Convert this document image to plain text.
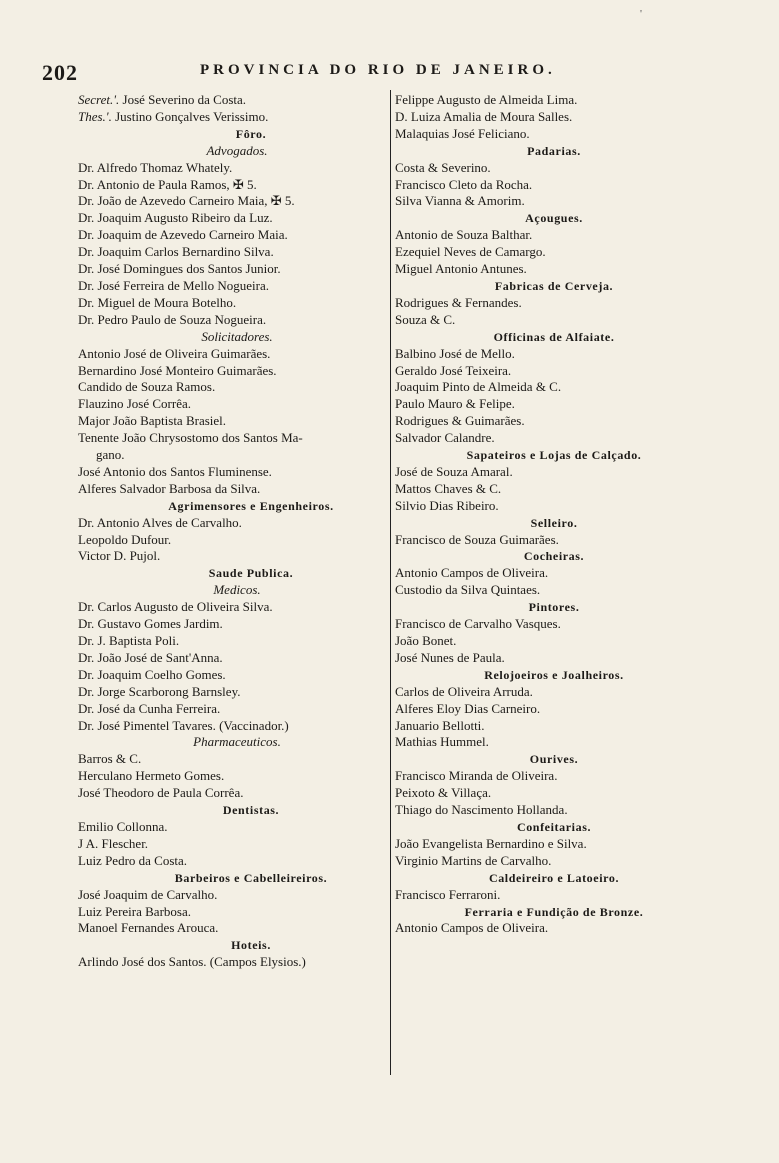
'
202	PROVINCIA DO RIO DE JANEIRO.
Secret.'. José Severino da Costa.
Thes.'. Justino Gonçalves Verissimo.
Fôro.
Advogados.
Dr. Alfredo Thomaz Whately.
Dr. Antonio de Paula Ramos, ✠ 5.
Dr. João de Azevedo Carneiro Maia, ✠ 5.
Dr. Joaquim Augusto Ribeiro da Luz.
Dr. Joaquim de Azevedo Carneiro Maia.
Dr. Joaquim Carlos Bernardino Silva.
Dr. José Domingues dos Santos Junior.
Dr. José Ferreira de Mello Nogueira.
Dr. Miguel de Moura Botelho.
Dr. Pedro Paulo de Souza Nogueira.
Solicitadores.
Antonio José de Oliveira Guimarães.
Bernardino José Monteiro Guimarães.
Candido de Souza Ramos.
Flauzino José Corrêa.
Major João Baptista Brasiel.
Tenente João Chrysostomo dos Santos Ma-
gano.
José Antonio dos Santos Fluminense.
Alferes Salvador Barbosa da Silva.
Agrimensores e Engenheiros.
Dr. Antonio Alves de Carvalho.
Leopoldo Dufour.
Victor D. Pujol.
Saude Publica.
Medicos.
Dr. Carlos Augusto de Oliveira Silva.
Dr. Gustavo Gomes Jardim.
Dr. J. Baptista Poli.
Dr. João José de Sant'Anna.
Dr. Joaquim Coelho Gomes.
Dr. Jorge Scarborong Barnsley.
Dr. José da Cunha Ferreira.
Dr. José Pimentel Tavares. (Vaccinador.)
Pharmaceuticos.
Barros & C.
Herculano Hermeto Gomes.
José Theodoro de Paula Corrêa.
Dentistas.
Emilio Collonna.
J A. Flescher.
Luiz Pedro da Costa.
Barbeiros e Cabelleireiros.
José Joaquim de Carvalho.
Luiz Pereira Barbosa.
Manoel Fernandes Arouca.
Hoteis.
Arlindo José dos Santos. (Campos Elysios.)
Felippe Augusto de Almeida Lima.
D. Luiza Amalia de Moura Salles.
Malaquias José Feliciano.
Padarias.
Costa & Severino.
Francisco Cleto da Rocha.
Silva Vianna & Amorim.
Açougues.
Antonio de Souza Balthar.
Ezequiel Neves de Camargo.
Miguel Antonio Antunes.
Fabricas de Cerveja.
Rodrigues & Fernandes.
Souza & C.
Officinas de Alfaiate.
Balbino José de Mello.
Geraldo José Teixeira.
Joaquim Pinto de Almeida & C.
Paulo Mauro & Felipe.
Rodrigues & Guimarães.
Salvador Calandre.
Sapateiros e Lojas de Calçado.
José de Souza Amaral.
Mattos Chaves & C.
Silvio Dias Ribeiro.
Selleiro.
Francisco de Souza Guimarães.
Cocheiras.
Antonio Campos de Oliveira.
Custodio da Silva Quintaes.
Pintores.
Francisco de Carvalho Vasques.
João Bonet.
José Nunes de Paula.
Relojoeiros e Joalheiros.
Carlos de Oliveira Arruda.
Alferes Eloy Dias Carneiro.
Januario Bellotti.
Mathias Hummel.
Ourives.
Francisco Miranda de Oliveira.
Peixoto & Villaça.
Thiago do Nascimento Hollanda.
Confeitarias.
João Evangelista Bernardino e Silva.
Virginio Martins de Carvalho.
Caldeireiro e Latoeiro.
Francisco Ferraroni.
Ferraria e Fundição de Bronze.
Antonio Campos de Oliveira.
